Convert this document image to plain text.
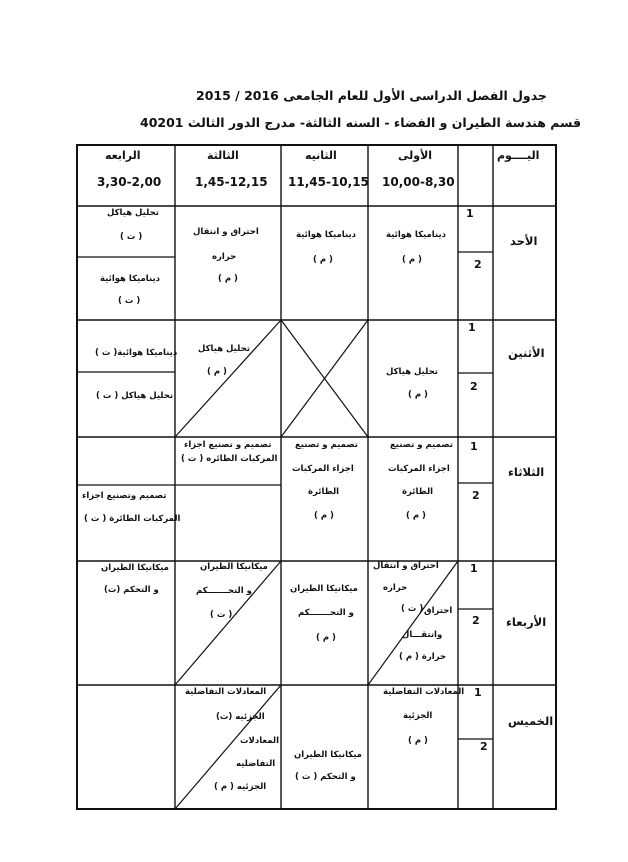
جدول الفصل الدراسى الأول للعام الجامعى 2016 / 2015
قسم هندسة الطيران و الفضاء - السنه الثالثة- مدرج الدور الثالث 40201
اليــــوم
الأولى
10,00-8,30
الثانيه
11,45-10,15
الثالثة
1,45-12,15
الرابعه
3,30-2,00
1
2
1
2
1
2
1
2
1
2
الأحد
الأثنين
الثلاثاء
الأربعاء
الخميس
ديناميكا هوائية
( م )
ديناميكا هوائية
( م )
احتراق و انتقال
حراره
( م )
تحليل هياكل
( ت )
ديناميكا هوائية
( ت )
تحليل هياكل
( م )
تحليل هياكل
( م )
ديناميكا هوائية( ت )
تحليل هياكل ( ت )
تصميم و تصنيع
اجزاء المركبات
الطائرة
( م )
تصميم و تصنيع
اجزاء المركبات
الطائرة
( م )
تصميم و تصنيع اجزاء
المركبات الطائره ( ت )
تصميم وتصنيع اجزاء
المركبات الطائرة ( ت )
احتراق و انتقال
حراره
( ت ) احتراق
وانتقـــال
حرارة ( م )
ميكانيكا الطيران
و التحـــــــكم
( م )
ميكانيكا الطيران
و التحـــــــكم
( ت )
ميكانيكا الطيران
و التحكم (ت)
المعادلات التفاضلية
الجزئية
( م )
ميكانيكا الطيران
و التحكم ( ت )
المعادلات التفاضلية
الجزئيه (ت)
المعادلات
التفاضليه
الجزئيه ( م )
